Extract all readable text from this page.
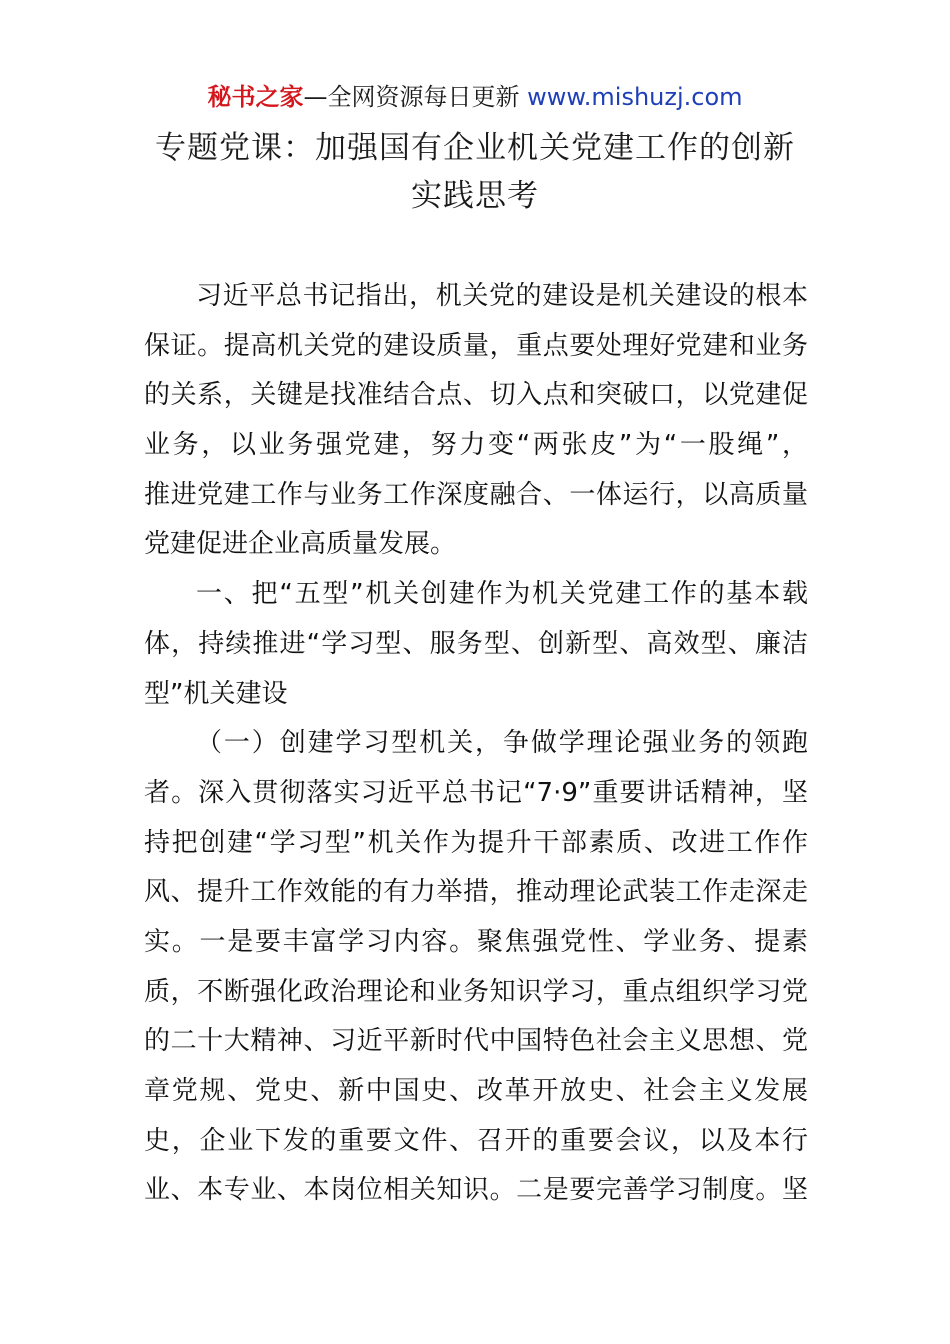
秘书之家—全网资源每日更新 www.mishuzj.com
专题党课：加强国有企业机关党建工作的创新
实践思考
习近平总书记指出，机关党的建设是机关建设的根本
保证。提高机关党的建设质量，重点要处理好党建和业务
的关系，关键是找准结合点、切入点和突破口，以党建促
业务，以业务强党建，努力变“两张皮”为“一股绳”，
推进党建工作与业务工作深度融合、一体运行，以高质量
党建促进企业高质量发展。
一、把“五型”机关创建作为机关党建工作的基本载
体，持续推进“学习型、服务型、创新型、高效型、廉洁
型”机关建设
（一）创建学习型机关，争做学理论强业务的领跑
者。深入贯彻落实习近平总书记“7·9”重要讲话精神，坚
持把创建“学习型”机关作为提升干部素质、改进工作作
风、提升工作效能的有力举措，推动理论武装工作走深走
实。一是要丰富学习内容。聚焦强党性、学业务、提素
质，不断强化政治理论和业务知识学习，重点组织学习党
的二十大精神、习近平新时代中国特色社会主义思想、党
章党规、党史、新中国史、改革开放史、社会主义发展
史，企业下发的重要文件、召开的重要会议，以及本行
业、本专业、本岗位相关知识。二是要完善学习制度。坚
